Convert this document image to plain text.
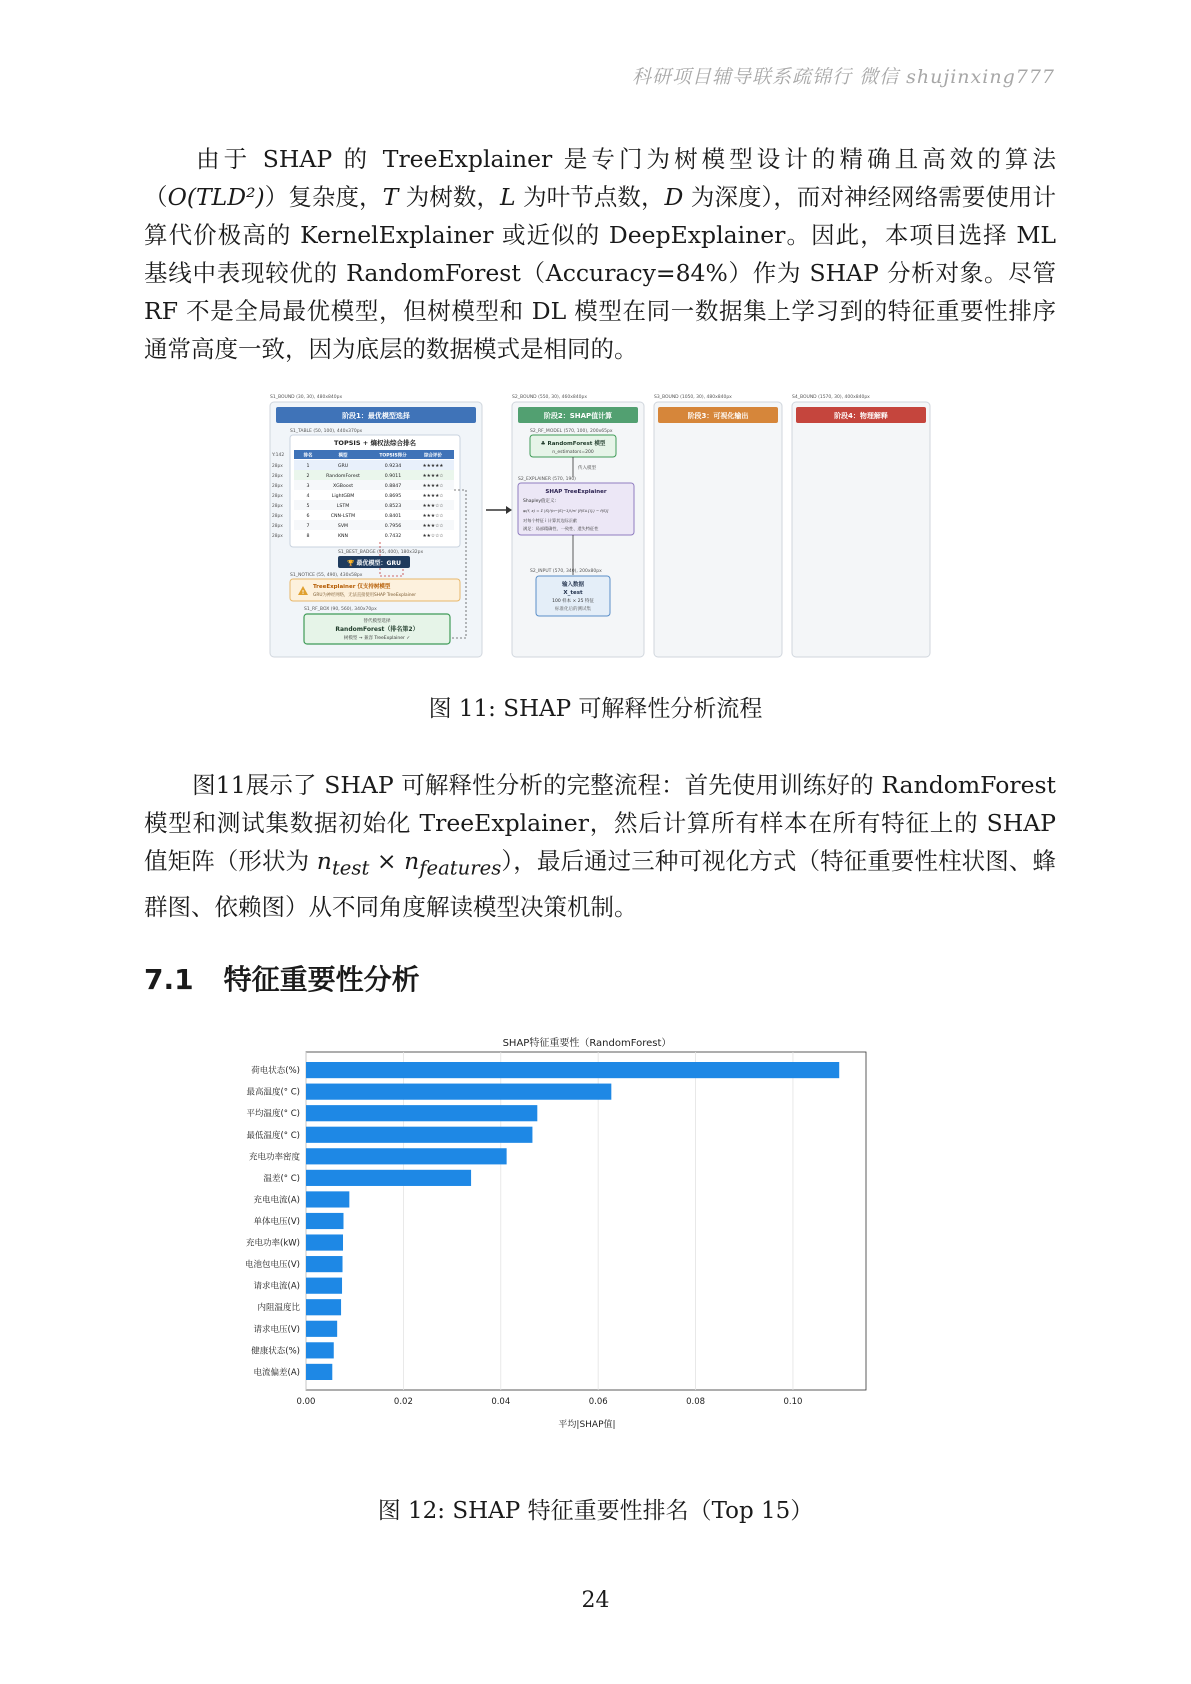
科研项目辅导联系疏锦行 微信 shujinxing777

由于 SHAP 的 TreeExplainer 是专门为树模型设计的精确且高效的算法（O(TLD²)）复杂度，T 为树数，L 为叶节点数，D 为深度），而对神经网络需要使用计算代价极高的 KernelExplainer 或近似的 DeepExplainer。因此，本项目选择 ML 基线中表现较优的 RandomForest（Accuracy=84%）作为 SHAP 分析对象。尽管 RF 不是全局最优模型，但树模型和 DL 模型在同一数据集上学习到的特征重要性排序通常高度一致，因为底层的数据模式是相同的。

S1_BOUND (30, 30), 480x840px	S2_BOUND (550, 30), 460x840px	S3_BOUND (1050, 30), 480x840px	S4_BOUND (1570, 30), 400x840px
阶段1：最优模型选择	阶段2：SHAP值计算	阶段3：可视化输出	阶段4：物理解释
S1_TABLE (50, 100), 440x370px
TOPSIS + 熵权法综合排名
Y:142	排名	模型	TOPSIS得分	综合评价
28px	1	GRU	0.9234	★★★★★
28px	2	RandomForest	0.9011	★★★★☆
28px	3	XGBoost	0.8847	★★★★☆
28px	4	LightGBM	0.8695	★★★★☆
28px	5	LSTM	0.8523	★★★☆☆
28px	6	CNN-LSTM	0.8401	★★★☆☆
28px	7	SVM	0.7956	★★★☆☆
28px	8	KNN	0.7432	★★☆☆☆
S1_BEST_BADGE (55, 400), 180x32px
🏆 最优模型：GRU
S1_NOTICE (55, 490), 430x58px
!
TreeExplainer 仅支持树模型
GRU为神经网络，无法直接使用SHAP TreeExplainer
S1_RF_BOX (90, 560), 340x70px
替代模型选择
RandomForest（排名第2）
树模型 → 兼容 TreeExplainer ✓
S2_RF_MODEL (570, 100), 200x65px
♣ RandomForest 模型
n_estimators=200
传入模型
S2_EXPLAINER (570, 190)
SHAP TreeExplainer
Shapley值定义:
φᵢ(f, x) = Σ |S|!(n−|S|−1)!/n! [f(S∪{i}) − f(S)]
对每个特征 i 计算其边际贡献
满足：局部精确性、一致性、遗失特征性
S2_INPUT (570, 340), 200x80px
输入数据
X_test
100 样本 × 25 特征
标准化后的测试集
图 11: SHAP 可解释性分析流程

图11展示了 SHAP 可解释性分析的完整流程：首先使用训练好的 RandomForest 模型和测试集数据初始化 TreeExplainer，然后计算所有样本在所有特征上的 SHAP 值矩阵（形状为 $n_{test} \times n_{features}$），最后通过三种可视化方式（特征重要性柱状图、蜂群图、依赖图）从不同角度解读模型决策机制。

7.1 特征重要性分析
SHAP特征重要性（RandomForest）
荷电状态(%)
最高温度(° C)
平均温度(° C)
最低温度(° C)
充电功率密度
温差(° C)
充电电流(A)
单体电压(V)
充电功率(kW)
电池包电压(V)
请求电流(A)
内阻温度比
请求电压(V)
健康状态(%)
电流偏差(A)
0.00	0.02	0.04	0.06	0.08	0.10
平均|SHAP值|
图 12: SHAP 特征重要性排名（Top 15）
24
